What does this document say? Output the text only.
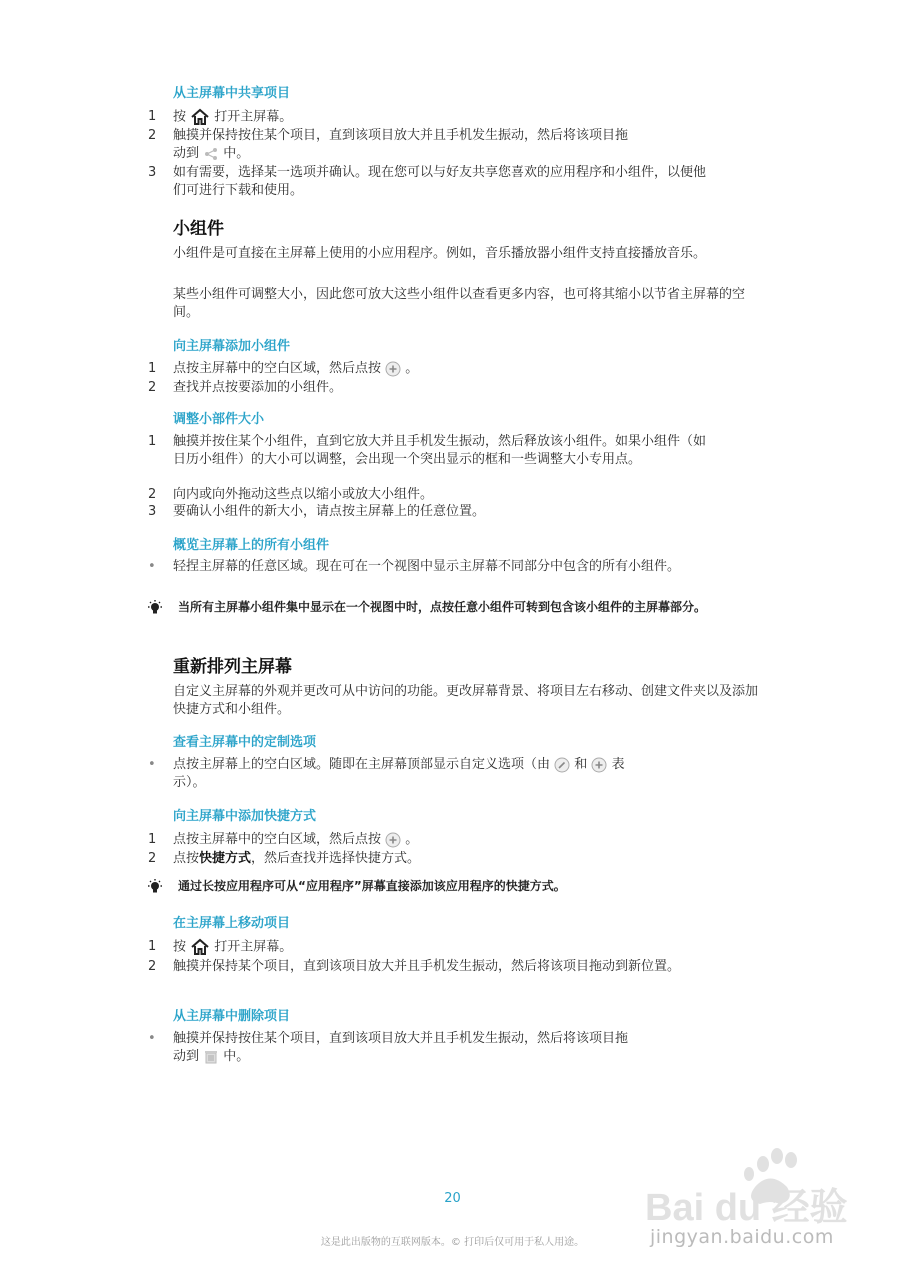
从主屏幕中共享项目
1	按 打开主屏幕。
2	触摸并保持按住某个项目，直到该项目放大并且手机发生振动，然后将该项目拖
动到 中。
3	如有需要，选择某一选项并确认。现在您可以与好友共享您喜欢的应用程序和小组件，以便他们可进行下载和使用。
小组件
小组件是可直接在主屏幕上使用的小应用程序。例如，音乐播放器小组件支持直接播放音乐。
某些小组件可调整大小，因此您可放大这些小组件以查看更多内容，也可将其缩小以节省主屏幕的空间。
向主屏幕添加小组件
1	点按主屏幕中的空白区域，然后点按 。
2	查找并点按要添加的小组件。
调整小部件大小
1	触摸并按住某个小组件，直到它放大并且手机发生振动，然后释放该小组件。如果小组件（如日历小组件）的大小可以调整，会出现一个突出显示的框和一些调整大小专用点。
2	向内或向外拖动这些点以缩小或放大小组件。
3	要确认小组件的新大小，请点按主屏幕上的任意位置。
概览主屏幕上的所有小组件
•	轻捏主屏幕的任意区域。现在可在一个视图中显示主屏幕不同部分中包含的所有小组件。
当所有主屏幕小组件集中显示在一个视图中时，点按任意小组件可转到包含该小组件的主屏幕部分。
重新排列主屏幕
自定义主屏幕的外观并更改可从中访问的功能。更改屏幕背景、将项目左右移动、创建文件夹以及添加快捷方式和小组件。
查看主屏幕中的定制选项
•	点按主屏幕上的空白区域。随即在主屏幕顶部显示自定义选项（由 和 表
示）。
向主屏幕中添加快捷方式
1	点按主屏幕中的空白区域，然后点按 。
2	点按快捷方式，然后查找并选择快捷方式。
通过长按应用程序可从“应用程序”屏幕直接添加该应用程序的快捷方式。
在主屏幕上移动项目
1	按 打开主屏幕。
2	触摸并保持某个项目，直到该项目放大并且手机发生振动，然后将该项目拖动到新位置。
从主屏幕中删除项目
•	触摸并保持按住某个项目，直到该项目放大并且手机发生振动，然后将该项目拖
动到 中。
20
这是此出版物的互联网版本。© 打印后仅可用于私人用途。
Bai du 经验
jingyan.baidu.com
